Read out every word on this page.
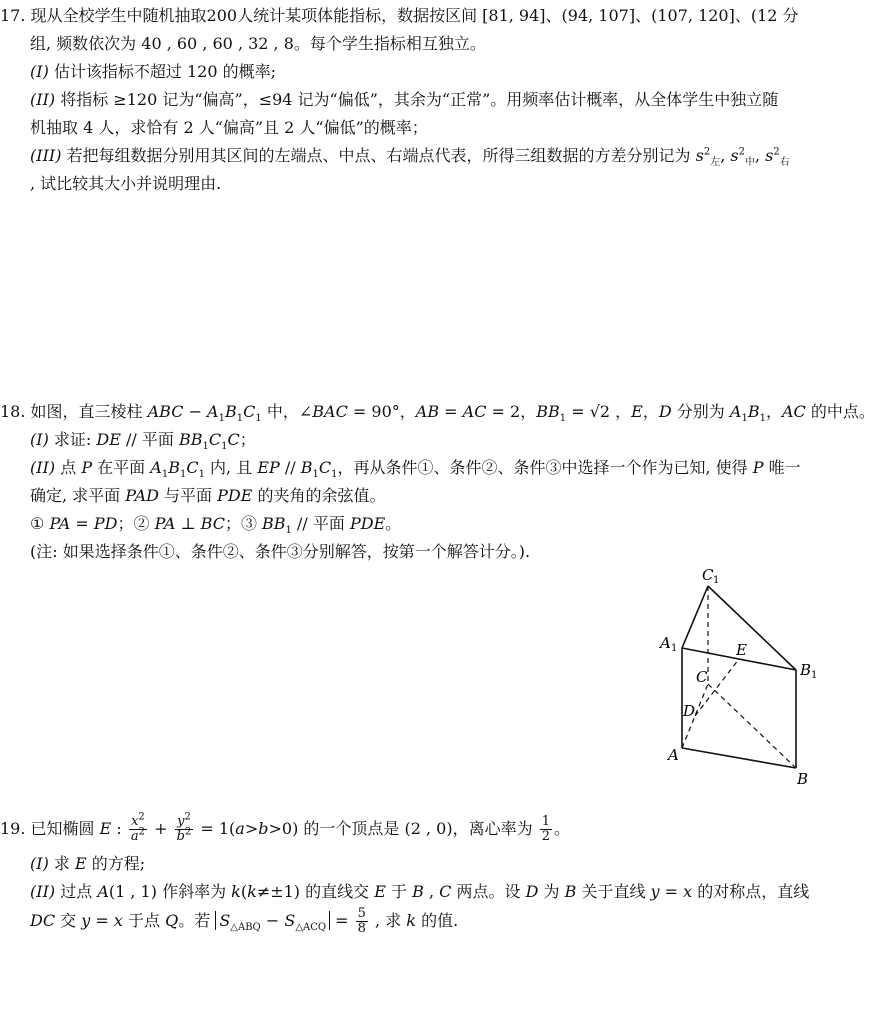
17. 现从全校学生中随机抽取200人统计某项体能指标，数据按区间 [81, 94]、(94, 107]、(107, 120]、(12 分
组, 频数依次为 40 , 60 , 60 , 32 , 8。每个学生指标相互独立。
(I) 估计该指标不超过 120 的概率;
(II) 将指标 ≥120 记为“偏高”，≤94 记为“偏低”，其余为“正常”。用频率估计概率，从全体学生中独立随
机抽取 4 人，求恰有 2 人“偏高”且 2 人“偏低”的概率；
(III) 若把每组数据分别用其区间的左端点、中点、右端点代表，所得三组数据的方差分别记为 $s^2_左$, $s^2_中$, $s^2_右$
, 试比较其大小并说明理由.
18. 如图，直三棱柱 ABC − $A_1B_1C_1$ 中，∠BAC = 90°，AB = AC = 2，$BB_1 = √2$ ，E，D 分别为 $A_1B_1$，AC 的中点。
(I) 求证: DE // 平面 $BB_1C_1C$；
(II) 点 P 在平面 $A_1B_1C_1$ 内, 且 EP // $B_1C_1$，再从条件①、条件②、条件③中选择一个作为已知, 使得 P 唯一
确定, 求平面 PAD 与平面 PDE 的夹角的余弦值。
① PA = PD；② PA ⊥ BC；③ $BB_1$ // 平面 PDE。
(注: 如果选择条件①、条件②、条件③分别解答，按第一个解答计分。).
C 1
A 1	E
B 1
C
D
A
B
19. 已知椭圆 E : $\frac{x^2}{a^2} + \frac{y^2}{b^2} = 1(a>b>0)$ 的一个顶点是 (2 , 0)，离心率为 $\frac{1}{2}$ 。
(I) 求 E 的方程;
(II) 过点 A(1 , 1) 作斜率为 k(k≠±1) 的直线交 E 于 B , C 两点。设 D 为 B 关于直线 y = x 的对称点，直线
DC 交 y = x 于点 Q。若 $S_{\triangle ABQ} - S_{\triangle ACQ} = \frac{5}{8}$ , 求 k 的值.
